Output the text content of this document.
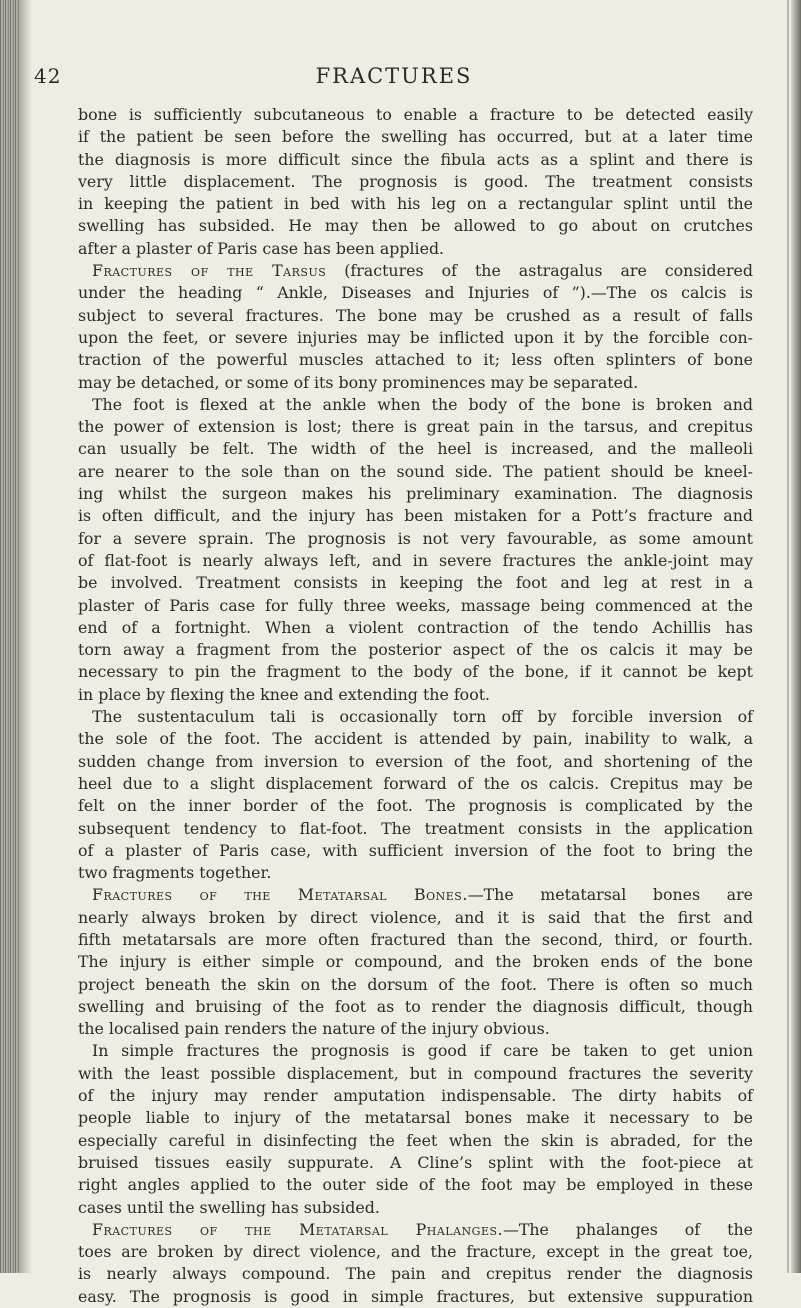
42	FRACTURES
bone is sufficiently subcutaneous to enable a fracture to be detected easily
if the patient be seen before the swelling has occurred, but at a later time
the diagnosis is more difficult since the fibula acts as a splint and there is
very little displacement. The prognosis is good. The treatment consists
in keeping the patient in bed with his leg on a rectangular splint until the
swelling has subsided. He may then be allowed to go about on crutches
after a plaster of Paris case has been applied.
Fractures of the Tarsus (fractures of the astragalus are considered
under the heading “ Ankle, Diseases and Injuries of ”).—The os calcis is
subject to several fractures. The bone may be crushed as a result of falls
upon the feet, or severe injuries may be inflicted upon it by the forcible con-
traction of the powerful muscles attached to it; less often splinters of bone
may be detached, or some of its bony prominences may be separated.
The foot is flexed at the ankle when the body of the bone is broken and
the power of extension is lost; there is great pain in the tarsus, and crepitus
can usually be felt. The width of the heel is increased, and the malleoli
are nearer to the sole than on the sound side. The patient should be kneel-
ing whilst the surgeon makes his preliminary examination. The diagnosis
is often difficult, and the injury has been mistaken for a Pott’s fracture and
for a severe sprain. The prognosis is not very favourable, as some amount
of flat-foot is nearly always left, and in severe fractures the ankle-joint may
be involved. Treatment consists in keeping the foot and leg at rest in a
plaster of Paris case for fully three weeks, massage being commenced at the
end of a fortnight. When a violent contraction of the tendo Achillis has
torn away a fragment from the posterior aspect of the os calcis it may be
necessary to pin the fragment to the body of the bone, if it cannot be kept
in place by flexing the knee and extending the foot.
The sustentaculum tali is occasionally torn off by forcible inversion of
the sole of the foot. The accident is attended by pain, inability to walk, a
sudden change from inversion to eversion of the foot, and shortening of the
heel due to a slight displacement forward of the os calcis. Crepitus may be
felt on the inner border of the foot. The prognosis is complicated by the
subsequent tendency to flat-foot. The treatment consists in the application
of a plaster of Paris case, with sufficient inversion of the foot to bring the
two fragments together.
Fractures of the Metatarsal Bones.—The metatarsal bones are
nearly always broken by direct violence, and it is said that the first and
fifth metatarsals are more often fractured than the second, third, or fourth.
The injury is either simple or compound, and the broken ends of the bone
project beneath the skin on the dorsum of the foot. There is often so much
swelling and bruising of the foot as to render the diagnosis difficult, though
the localised pain renders the nature of the injury obvious.
In simple fractures the prognosis is good if care be taken to get union
with the least possible displacement, but in compound fractures the severity
of the injury may render amputation indispensable. The dirty habits of
people liable to injury of the metatarsal bones make it necessary to be
especially careful in disinfecting the feet when the skin is abraded, for the
bruised tissues easily suppurate. A Cline’s splint with the foot-piece at
right angles applied to the outer side of the foot may be employed in these
cases until the swelling has subsided.
Fractures of the Metatarsal Phalanges.—The phalanges of the
toes are broken by direct violence, and the fracture, except in the great toe,
is nearly always compound. The pain and crepitus render the diagnosis
easy. The prognosis is good in simple fractures, but extensive suppuration
